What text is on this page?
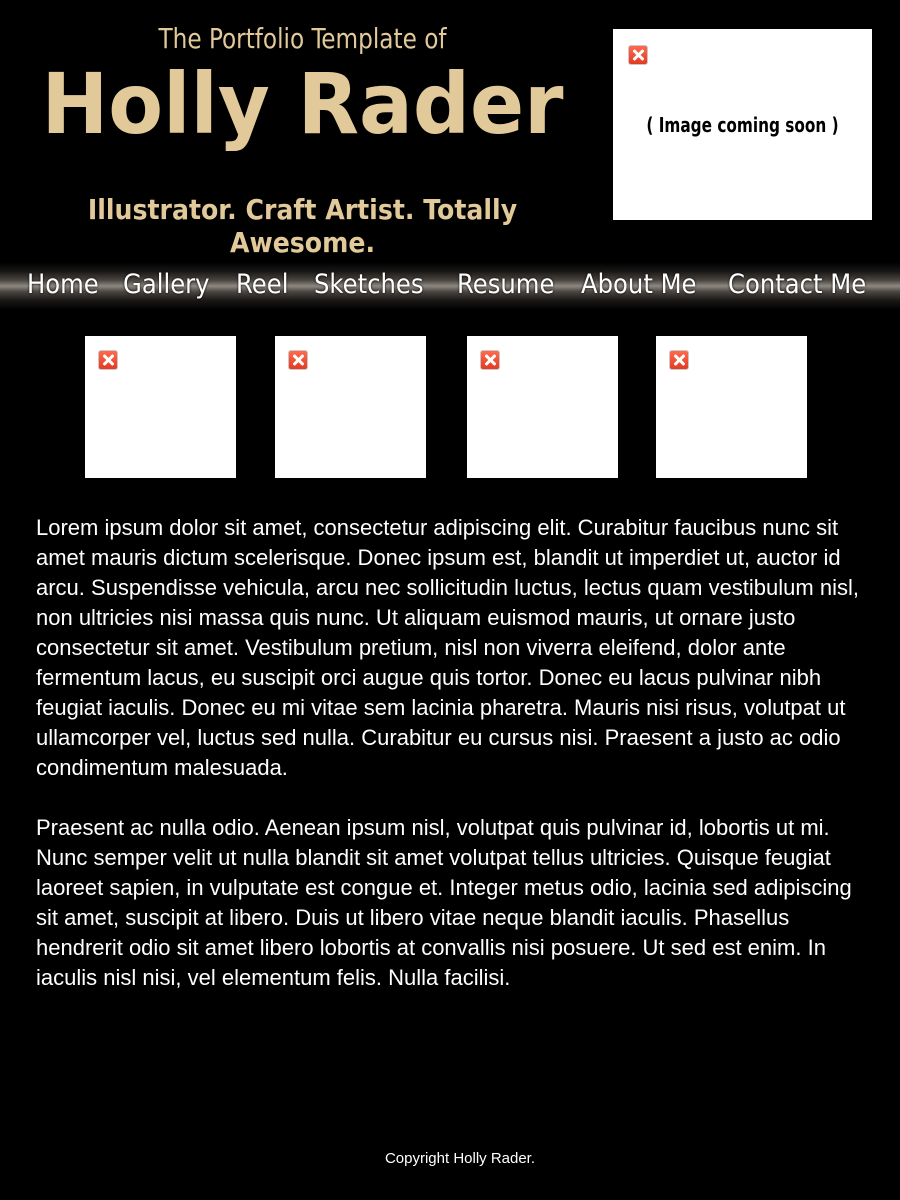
The Portfolio Template of
Holly Rader
Illustrator. Craft Artist. Totally Awesome.
( Image coming soon )
Home Gallery Reel Sketches Resume About Me Contact Me

Lorem ipsum dolor sit amet, consectetur adipiscing elit. Curabitur faucibus nunc sit amet mauris dictum scelerisque. Donec ipsum est, blandit ut imperdiet ut, auctor id arcu. Suspendisse vehicula, arcu nec sollicitudin luctus, lectus quam vestibulum nisl, non ultricies nisi massa quis nunc. Ut aliquam euismod mauris, ut ornare justo consectetur sit amet. Vestibulum pretium, nisl non viverra eleifend, dolor ante fermentum lacus, eu suscipit orci augue quis tortor. Donec eu lacus pulvinar nibh feugiat iaculis. Donec eu mi vitae sem lacinia pharetra. Mauris nisi risus, volutpat ut ullamcorper vel, luctus sed nulla. Curabitur eu cursus nisi. Praesent a justo ac odio condimentum malesuada.

Praesent ac nulla odio. Aenean ipsum nisl, volutpat quis pulvinar id, lobortis ut mi. Nunc semper velit ut nulla blandit sit amet volutpat tellus ultricies. Quisque feugiat laoreet sapien, in vulputate est congue et. Integer metus odio, lacinia sed adipiscing sit amet, suscipit at libero. Duis ut libero vitae neque blandit iaculis. Phasellus hendrerit odio sit amet libero lobortis at convallis nisi posuere. Ut sed est enim. In iaculis nisl nisi, vel elementum felis. Nulla facilisi.

Copyright Holly Rader.
